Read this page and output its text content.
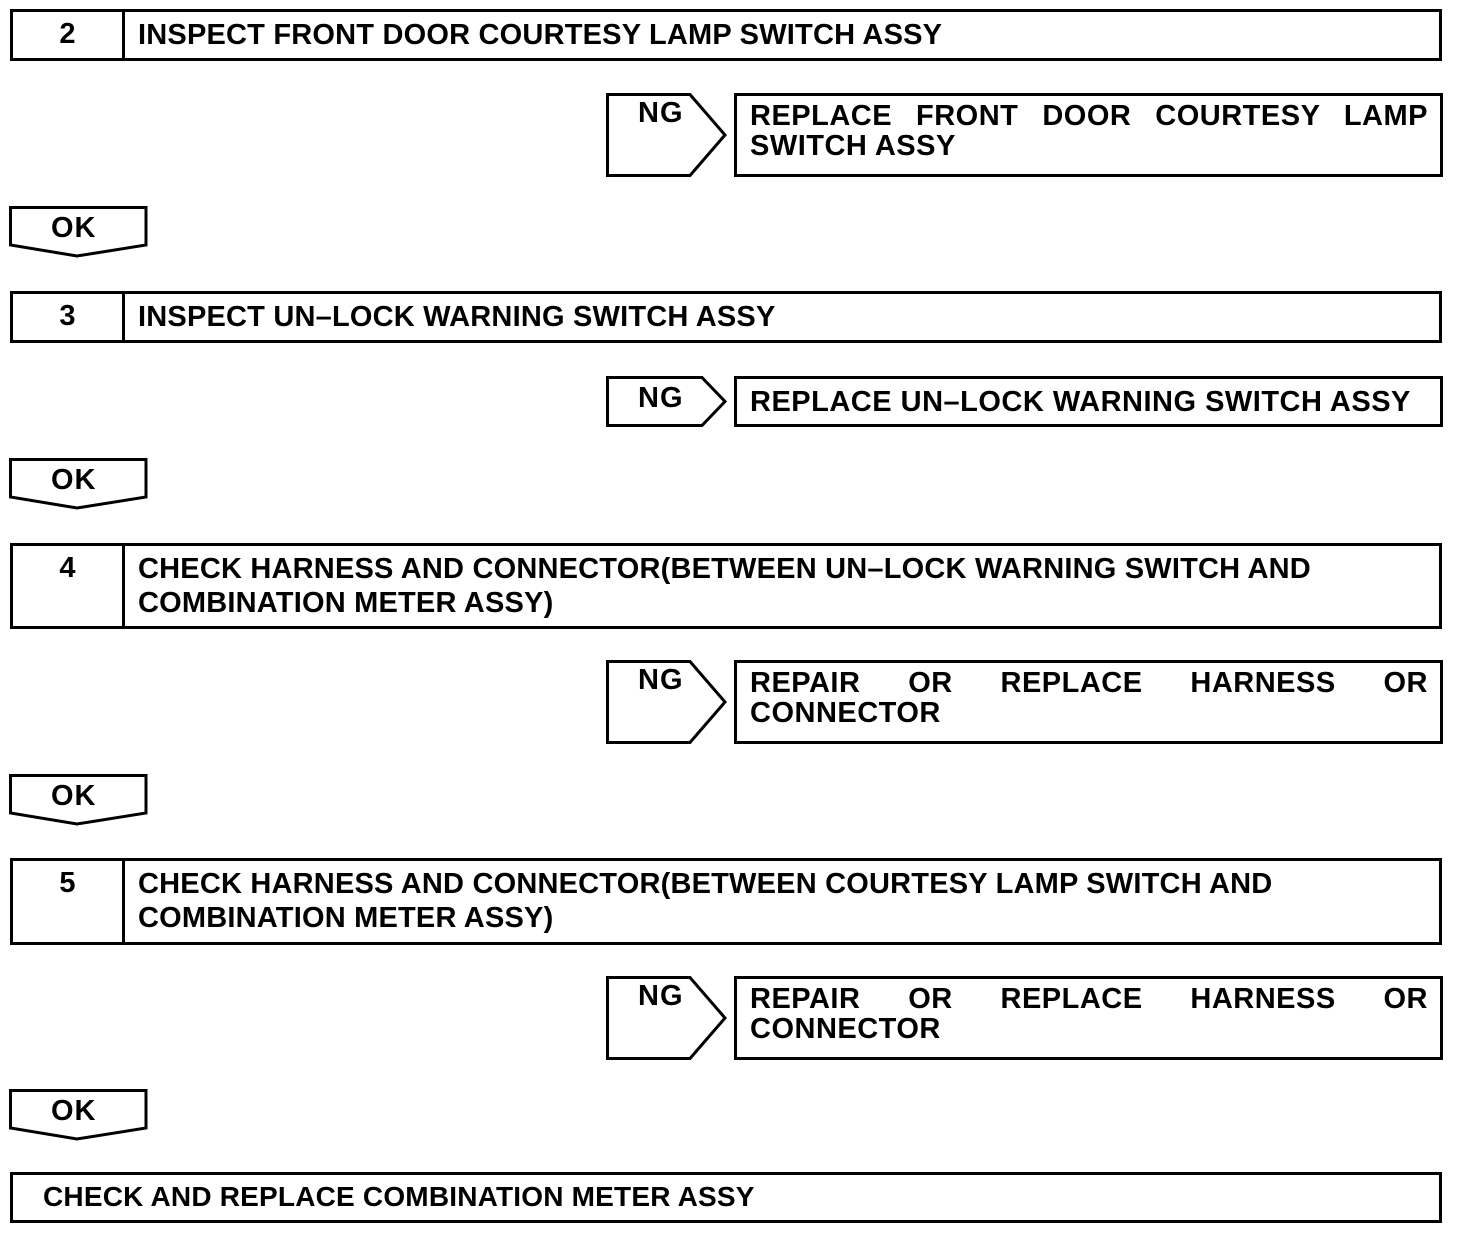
2	INSPECT FRONT DOOR COURTESY LAMP SWITCH ASSY
NG	REPLACE FRONT DOOR COURTESY LAMP SWITCH ASSY
OK
3	INSPECT UN–LOCK WARNING SWITCH ASSY
NG	REPLACE UN–LOCK WARNING SWITCH ASSY
OK
4	CHECK HARNESS AND CONNECTOR(BETWEEN UN–LOCK WARNING SWITCH AND COMBINATION METER ASSY)
NG	REPAIR OR REPLACE HARNESS OR CONNECTOR
OK
5	CHECK HARNESS AND CONNECTOR(BETWEEN COURTESY LAMP SWITCH AND COMBINATION METER ASSY)
NG	REPAIR OR REPLACE HARNESS OR CONNECTOR
OK
CHECK AND REPLACE COMBINATION METER ASSY
